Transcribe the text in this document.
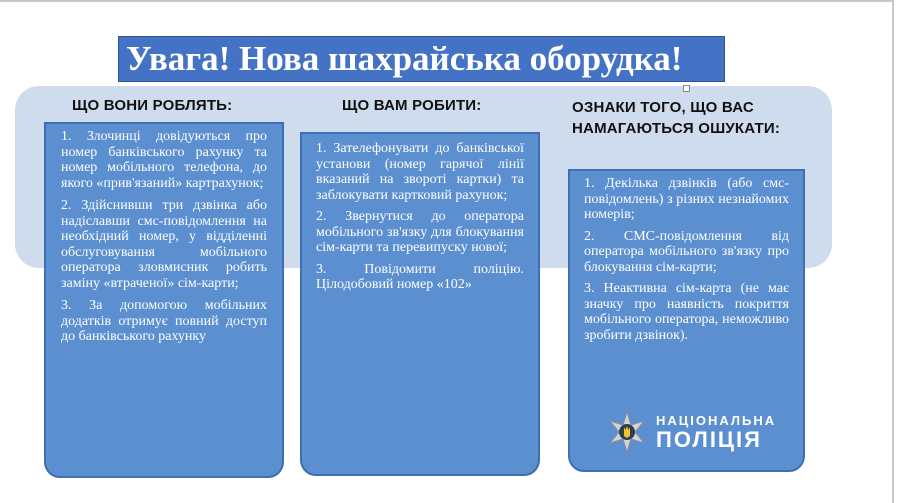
Увага! Нова шахрайська оборудка!
ЩО ВОНИ РОБЛЯТЬ:	ЩО ВАМ РОБИТИ:	ОЗНАКИ ТОГО, ЩО ВАС НАМАГАЮТЬСЯ ОШУКАТИ:

1. Злочинці довідуються про номер банківського рахунку та номер мобільного телефона, до якого «прив'язаний» картрахунок;

2. Здійснивши три дзвінка або надіславши смс-повідомлення на необхідний номер, у відділенні обслуговування мобільного оператора зловмисник робить заміну «втраченої» сім-карти;

3. За допомогою мобільних додатків отримує повний доступ до банківського рахунку

1. Зателефонувати до банківської установи (номер гарячої лінії вказаний на звороті картки) та заблокувати картковий рахунок;

2. Звернутися до оператора мобільного зв'язку для блокування сім-карти та перевипуску нової;

3. Повідомити поліцію. Цілодобовий номер «102»

1. Декілька дзвінків (або смс-повідомлень) з різних незнайомих номерів;

2. СМС-повідомлення від оператора мобільного зв'язку про блокування сім-карти;

3. Неактивна сім-карта (не має значку про наявність покриття мобільного оператора, неможливо зробити дзвінок).

НАЦІОНАЛЬНА
ПОЛІЦІЯ
